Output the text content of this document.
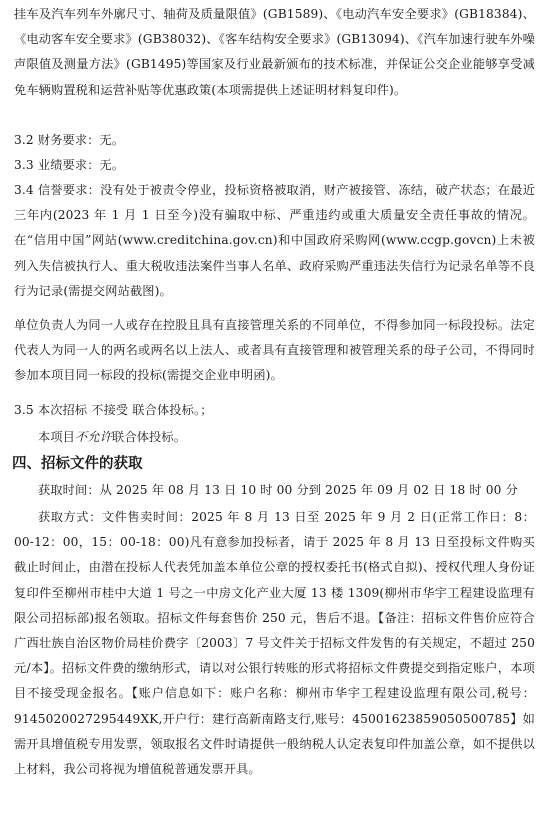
挂车及汽车列车外廓尺寸、轴荷及质量限值》(GB1589)、《电动汽车安全要求》(GB18384)、《电动客车安全要求》(GB38032)、《客车结构安全要求》(GB13094)、《汽车加速行驶车外噪声限值及测量方法》(GB1495)等国家及行业最新颁布的技术标准，并保证公交企业能够享受减免车辆购置税和运营补贴等优惠政策(本项需提供上述证明材料复印件)。

3.2 财务要求：无。

3.3 业绩要求：无。

3.4 信誉要求：没有处于被责令停业，投标资格被取消，财产被接管、冻结，破产状态；在最近三年内(2023 年 1 月 1 日至今)没有骗取中标、严重违约或重大质量安全责任事故的情况。在“信用中国”网站(www.creditchina.gov.cn)和中国政府采购网(www.ccgp.govcn)上未被列入失信被执行人、重大税收违法案件当事人名单、政府采购严重违法失信行为记录名单等不良行为记录(需提交网站截图)。

单位负责人为同一人或存在控股且具有直接管理关系的不同单位，不得参加同一标段投标。法定代表人为同一人的两名或两名以上法人、或者具有直接管理和被管理关系的母子公司，不得同时参加本项目同一标段的投标(需提交企业申明函)。

3.5 本次招标 不接受 联合体投标。；

本项目不允许联合体投标。

四、招标文件的获取

获取时间：从 2025 年 08 月 13 日 10 时 00 分到 2025 年 09 月 02 日 18 时 00 分

获取方式：文件售卖时间：2025 年 8 月 13 日至 2025 年 9 月 2 日(正常工作日：8：00-12：00，15：00-18：00)凡有意参加投标者，请于 2025 年 8 月 13 日至投标文件购买截止时间止，由潜在投标人代表凭加盖本单位公章的授权委托书(格式自拟)、授权代理人身份证复印件至柳州市桂中大道 1 号之一中房文化产业大厦 13 楼 1309(柳州市华宇工程建设监理有限公司招标部)报名领取。招标文件每套售价 250 元，售后不退。【备注：招标文件售价应符合广西壮族自治区物价局桂价费字〔2003〕7 号文件关于招标文件发售的有关规定，不超过 250 元/本】。招标文件费的缴纳形式，请以对公银行转账的形式将招标文件费提交到指定账户，本项目不接受现金报名。【账户信息如下：账户名称：柳州市华宇工程建设监理有限公司,税号：914502002729544​9XK,开户行：建行高新南路支行,账号：45001623859050500785】如需开具增值税专用发票，领取报名文件时请提供一般纳税人认定表复印件加盖公章，如不提供以上材料，我公司将视为增值税普通发票开具。
